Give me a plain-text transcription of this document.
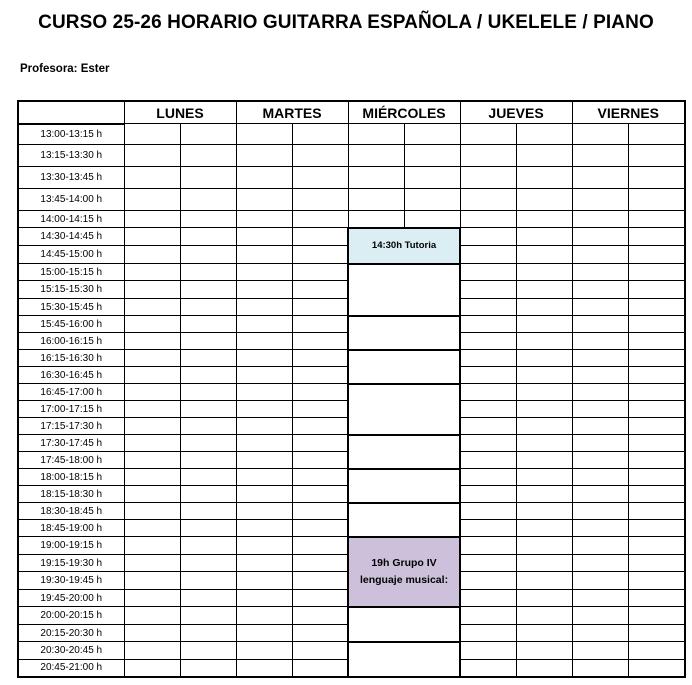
CURSO 25-26 HORARIO GUITARRA ESPAÑOLA / UKELELE / PIANO
Profesora: Ester
	LUNES		MARTES		MIÉRCOLES		JUEVES		VIERNES	
13:00-13:15 h										
13:15-13:30 h										
13:30-13:45 h										
13:45-14:00 h										
14:00-14:15 h										
14:30-14:45 h					14:30h Tutoria					
14:45-15:00 h										
15:00-15:15 h										
15:15-15:30 h										
15:30-15:45 h										
15:45-16:00 h										
16:00-16:15 h										
16:15-16:30 h										
16:30-16:45 h										
16:45-17:00 h										
17:00-17:15 h										
17:15-17:30 h										
17:30-17:45 h										
17:45-18:00 h										
18:00-18:15 h										
18:15-18:30 h										
18:30-18:45 h										
18:45-19:00 h										
19:00-19:15 h					19h Grupo IV
lenguaje musical:					

19:15-19:30 h										
19:30-19:45 h										
19:45-20:00 h										
20:00-20:15 h										
20:15-20:30 h										
20:30-20:45 h										
20:45-21:00 h										
